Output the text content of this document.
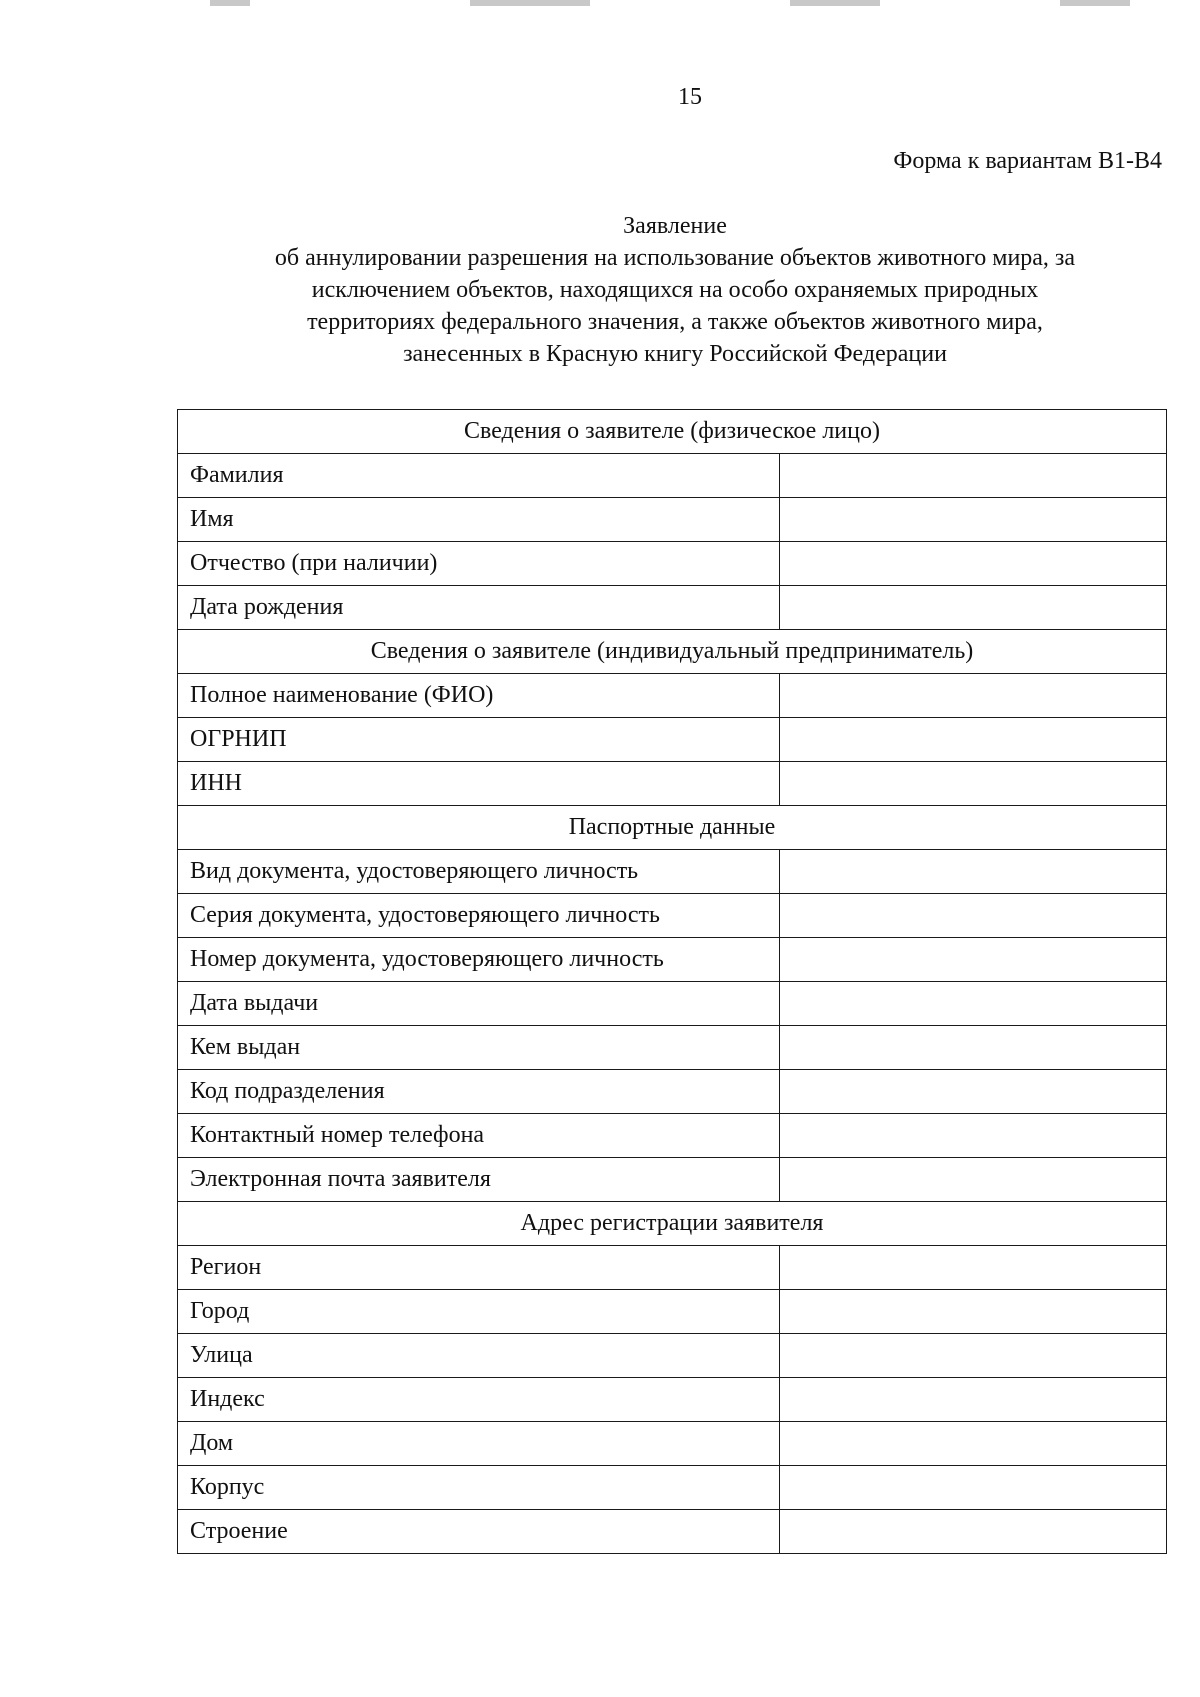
15
Форма к вариантам В1-В4
Заявление
об аннулировании разрешения на использование объектов животного мира, за
исключением объектов, находящихся на особо охраняемых природных
территориях федерального значения, а также объектов животного мира,
занесенных в Красную книгу Российской Федерации
Сведения о заявителе (физическое лицо)	
Фамилия	
Имя	
Отчество (при наличии)	
Дата рождения	
Сведения о заявителе (индивидуальный предприниматель)	
Полное наименование (ФИО)	
ОГРНИП	
ИНН	
Паспортные данные	
Вид документа, удостоверяющего личность	
Серия документа, удостоверяющего личность	
Номер документа, удостоверяющего личность	
Дата выдачи	
Кем выдан	
Код подразделения	
Контактный номер телефона	
Электронная почта заявителя	
Адрес регистрации заявителя	
Регион	
Город	
Улица	
Индекс	
Дом	
Корпус	
Строение	
